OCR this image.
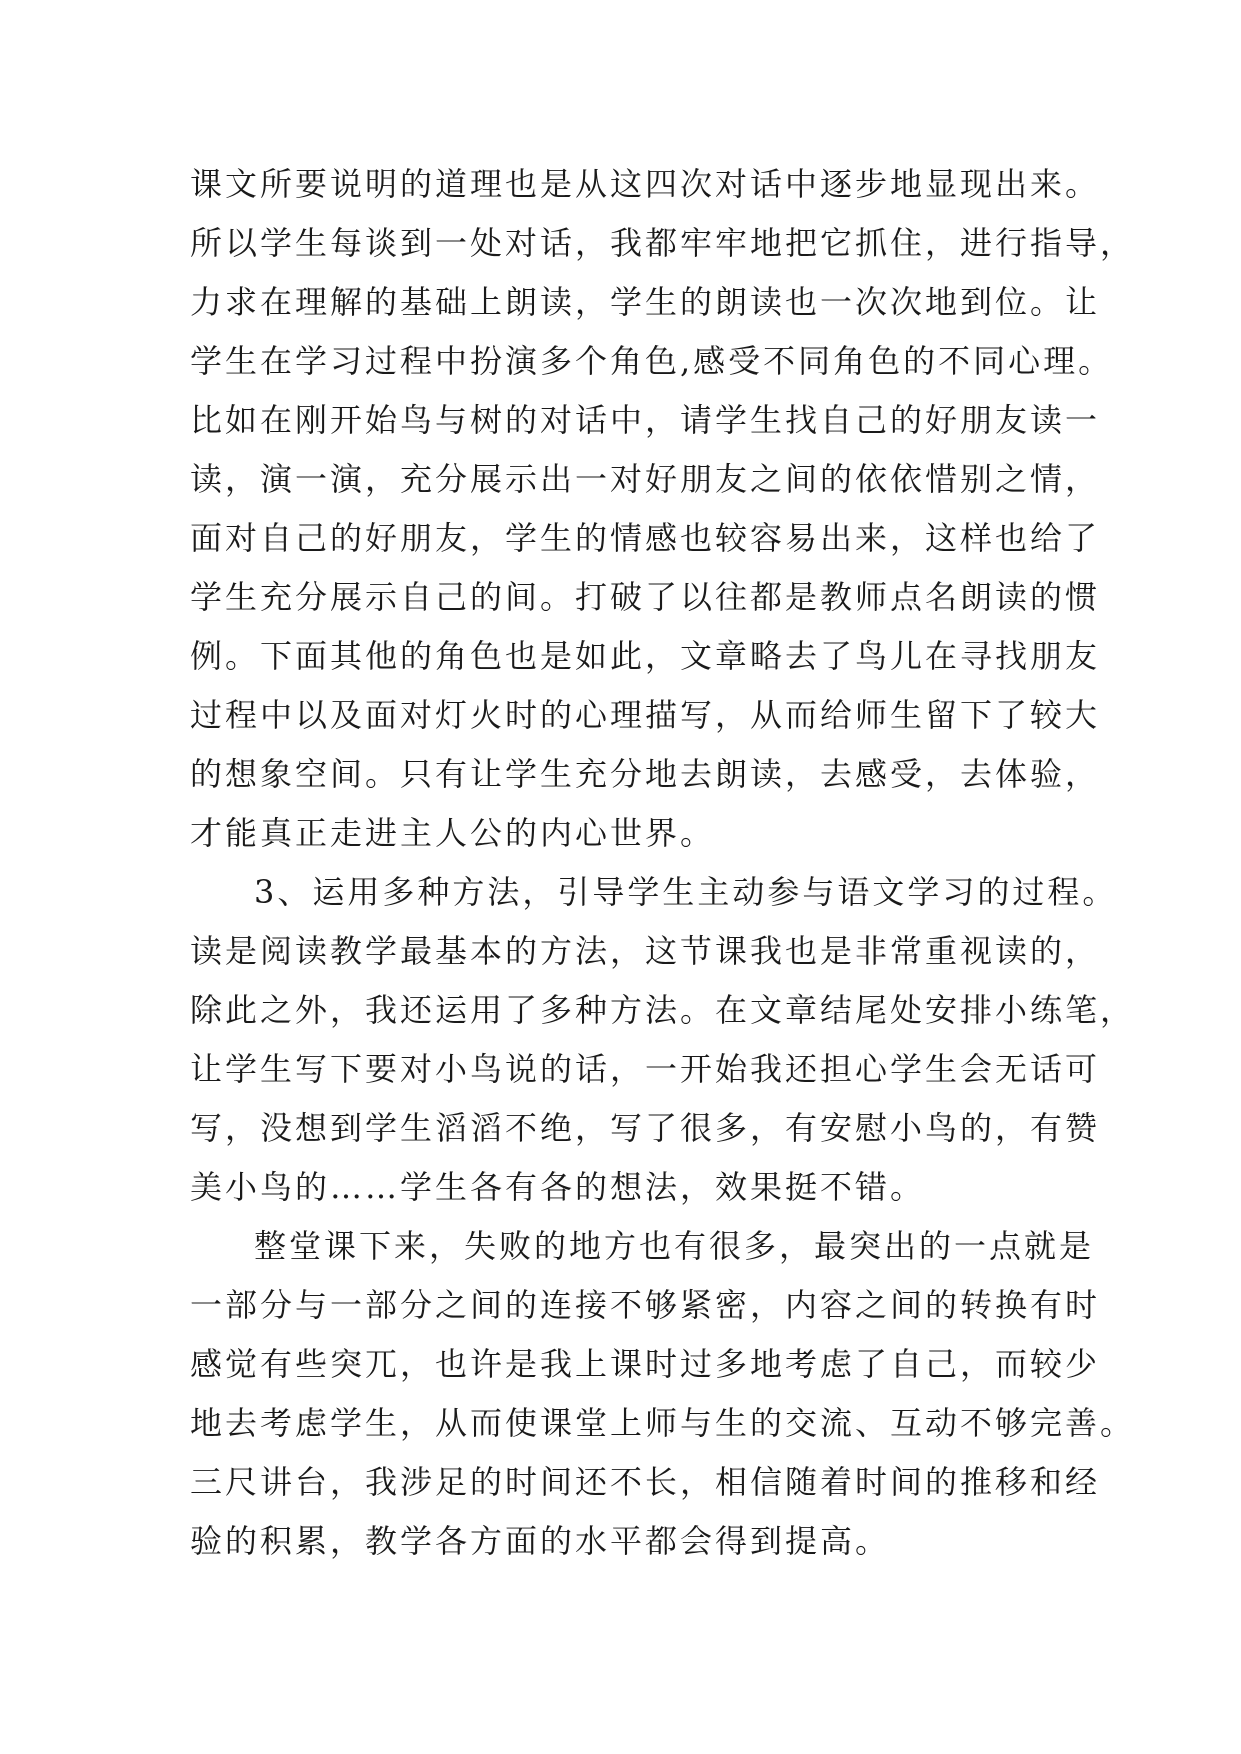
课文所要说明的道理也是从这四次对话中逐步地显现出来。
所以学生每谈到一处对话，我都牢牢地把它抓住，进行指导，
力求在理解的基础上朗读，学生的朗读也一次次地到位。让
学生在学习过程中扮演多个角色,感受不同角色的不同心理。
比如在刚开始鸟与树的对话中，请学生找自己的好朋友读一
读，演一演，充分展示出一对好朋友之间的依依惜别之情，
面对自己的好朋友，学生的情感也较容易出来，这样也给了
学生充分展示自己的间。打破了以往都是教师点名朗读的惯
例。下面其他的角色也是如此，文章略去了鸟儿在寻找朋友
过程中以及面对灯火时的心理描写，从而给师生留下了较大
的想象空间。只有让学生充分地去朗读，去感受，去体验，
才能真正走进主人公的内心世界。
3、运用多种方法，引导学生主动参与语文学习的过程。
读是阅读教学最基本的方法，这节课我也是非常重视读的，
除此之外，我还运用了多种方法。在文章结尾处安排小练笔，
让学生写下要对小鸟说的话，一开始我还担心学生会无话可
写，没想到学生滔滔不绝，写了很多，有安慰小鸟的，有赞
美小鸟的……学生各有各的想法，效果挺不错。
整堂课下来，失败的地方也有很多，最突出的一点就是
一部分与一部分之间的连接不够紧密，内容之间的转换有时
感觉有些突兀，也许是我上课时过多地考虑了自己，而较少
地去考虑学生，从而使课堂上师与生的交流、互动不够完善。
三尺讲台，我涉足的时间还不长，相信随着时间的推移和经
验的积累，教学各方面的水平都会得到提高。
